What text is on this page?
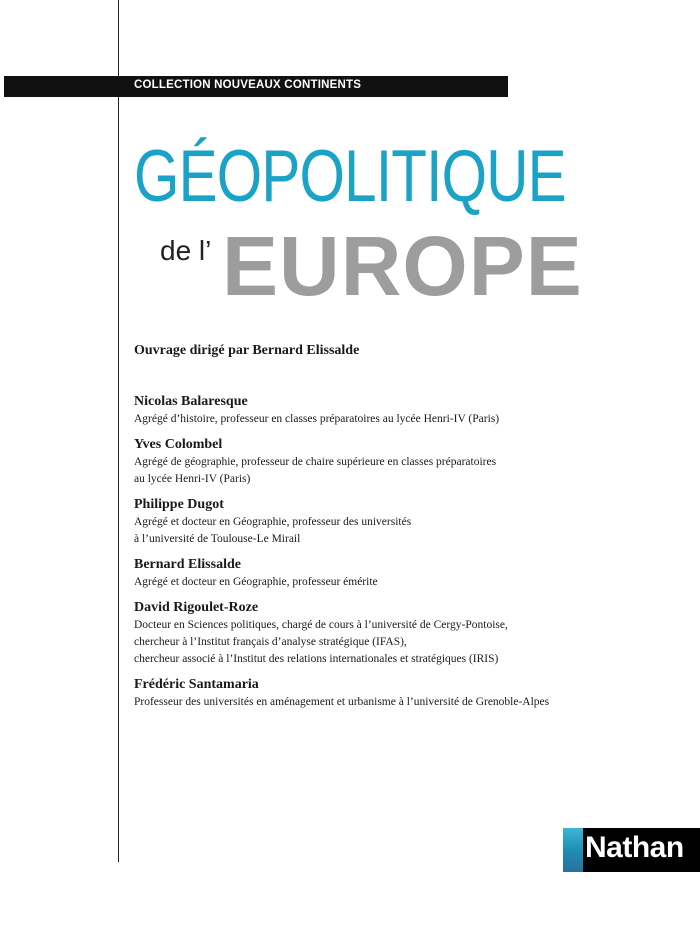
COLLECTION NOUVEAUX CONTINENTS
GÉOPOLITIQUE
de l’ EUROPE
Ouvrage dirigé par Bernard Elissalde
Nicolas Balaresque
Agrégé d’histoire, professeur en classes préparatoires au lycée Henri-IV (Paris)
Yves Colombel
Agrégé de géographie, professeur de chaire supérieure en classes préparatoires
au lycée Henri-IV (Paris)
Philippe Dugot
Agrégé et docteur en Géographie, professeur des universités
à l’université de Toulouse-Le Mirail
Bernard Elissalde
Agrégé et docteur en Géographie, professeur émérite
David Rigoulet-Roze
Docteur en Sciences politiques, chargé de cours à l’université de Cergy-Pontoise,
chercheur à l’Institut français d’analyse stratégique (IFAS),
chercheur associé à l’Institut des relations internationales et stratégiques (IRIS)
Frédéric Santamaria
Professeur des universités en aménagement et urbanisme à l’université de Grenoble-Alpes
Nathan
